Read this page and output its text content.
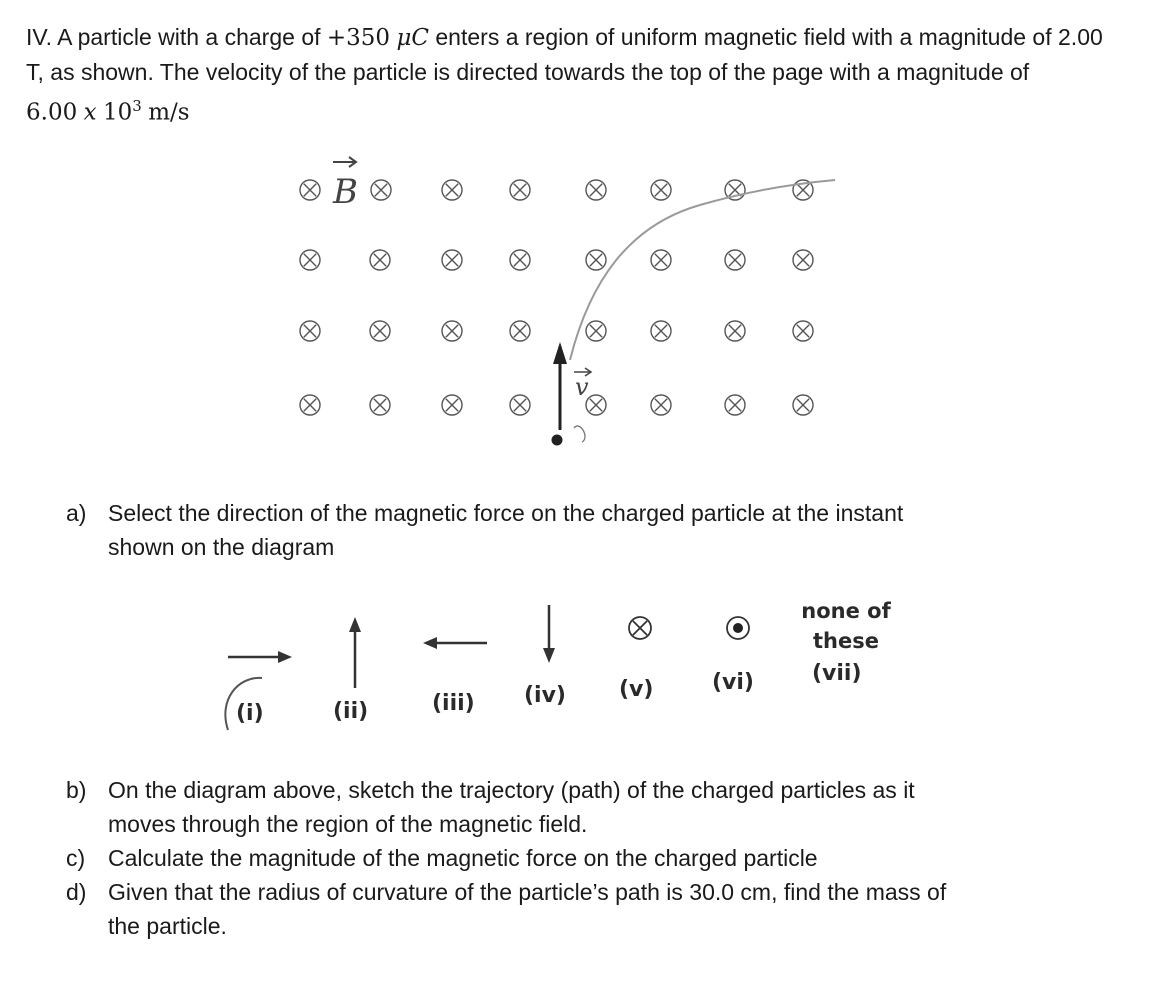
IV. A particle with a charge of +350 μC enters a region of uniform magnetic field with a magnitude of 2.00 T, as shown. The velocity of the particle is directed towards the top of the page with a magnitude of 6.00 x $10^3$ m/s
B
v
a) Select the direction of the magnetic force on the charged particle at the instant
shown on the diagram
(i)	(ii)	(iii) (iv) (v)	(vi)
none of
these
(vii)
b) On the diagram above, sketch the trajectory (path) of the charged particles as it
moves through the region of the magnetic field.
c) Calculate the magnitude of the magnetic force on the charged particle
d) Given that the radius of curvature of the particle’s path is 30.0 cm, find the mass of
the particle.
